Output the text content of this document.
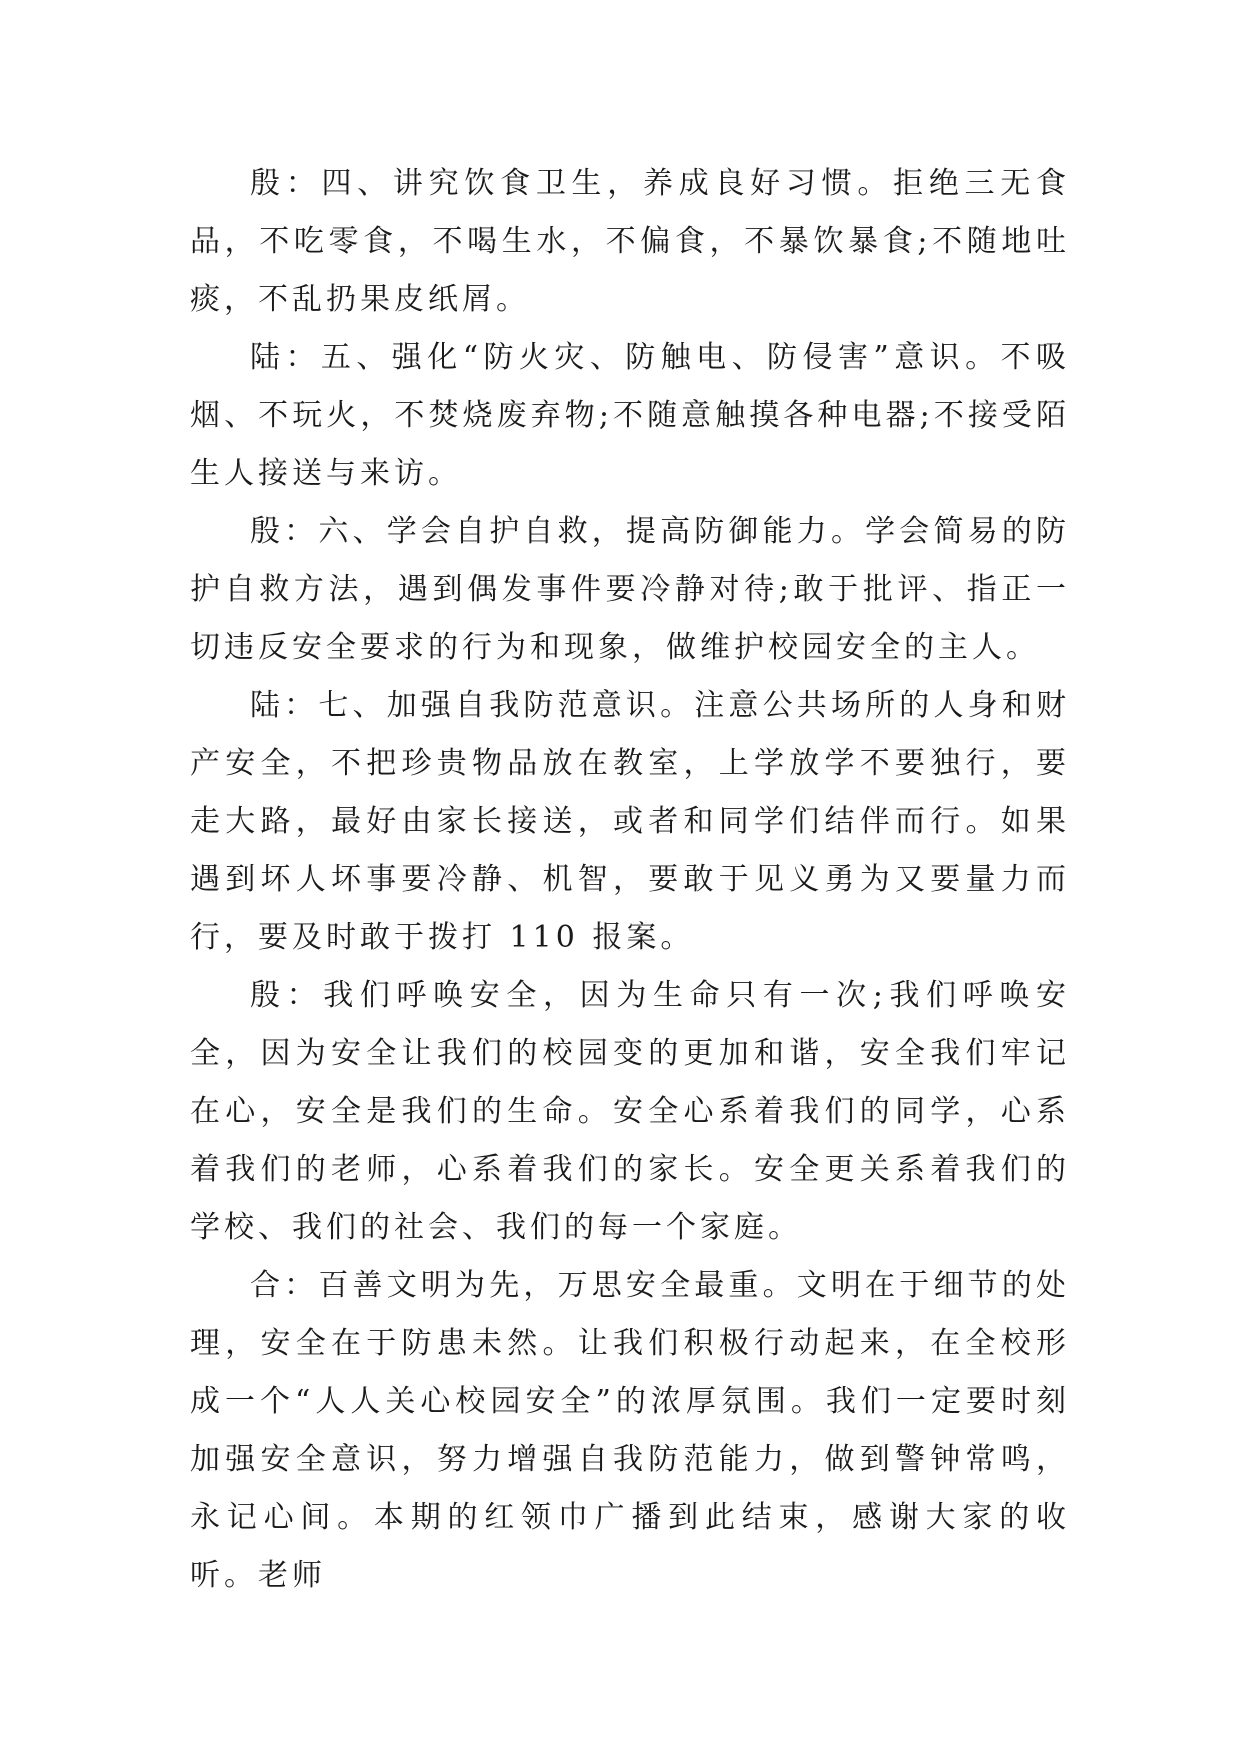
殷：四、讲究饮食卫生，养成良好习惯。拒绝三无食品，不吃零食，不喝生水，不偏食，不暴饮暴食;不随地吐痰，不乱扔果皮纸屑。

陆：五、强化“防火灾、防触电、防侵害”意识。不吸烟、不玩火，不焚烧废弃物;不随意触摸各种电器;不接受陌生人接送与来访。

殷：六、学会自护自救，提高防御能力。学会简易的防护自救方法，遇到偶发事件要冷静对待;敢于批评、指正一切违反安全要求的行为和现象，做维护校园安全的主人。

陆：七、加强自我防范意识。注意公共场所的人身和财产安全，不把珍贵物品放在教室，上学放学不要独行，要走大路，最好由家长接送，或者和同学们结伴而行。如果遇到坏人坏事要冷静、机智，要敢于见义勇为又要量力而行，要及时敢于拨打 110 报案。

殷：我们呼唤安全，因为生命只有一次;我们呼唤安全，因为安全让我们的校园变的更加和谐，安全我们牢记在心，安全是我们的生命。安全心系着我们的同学，心系着我们的老师，心系着我们的家长。安全更关系着我们的学校、我们的社会、我们的每一个家庭。

合：百善文明为先，万思安全最重。文明在于细节的处理，安全在于防患未然。让我们积极行动起来，在全校形成一个“人人关心校园安全”的浓厚氛围。我们一定要时刻加强安全意识，努力增强自我防范能力，做到警钟常鸣，永记心间。本期的红领巾广播到此结束，感谢大家的收听。老师
